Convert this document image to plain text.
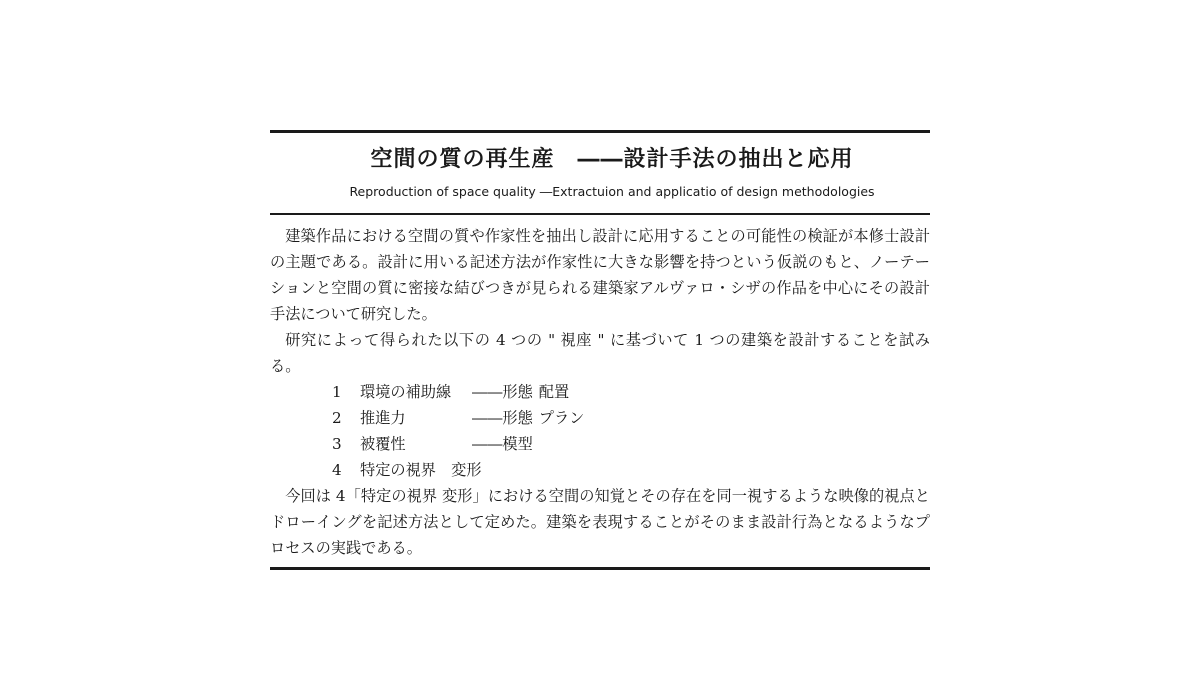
空間の質の再生産　――設計手法の抽出と応用
Reproduction of space quality ―Extractuion and applicatio of design methodologies

建築作品における空間の質や作家性を抽出し設計に応用することの可能性の検証が本修士設計の主題である。設計に用いる記述方法が作家性に大きな影響を持つという仮説のもと、ノーテーションと空間の質に密接な結びつきが見られる建築家アルヴァロ・シザの作品を中心にその設計手法について研究した。

研究によって得られた以下の 4 つの " 視座 " に基づいて 1 つの建築を設計することを試みる。

1	環境の補助線	――形態 配置
2	推進力	――形態 プラン
3	被覆性	――模型
4	特定の視界　変形

今回は 4「特定の視界 変形」における空間の知覚とその存在を同一視するような映像的視点とドローイングを記述方法として定めた。建築を表現することがそのまま設計行為となるようなプロセスの実践である。
